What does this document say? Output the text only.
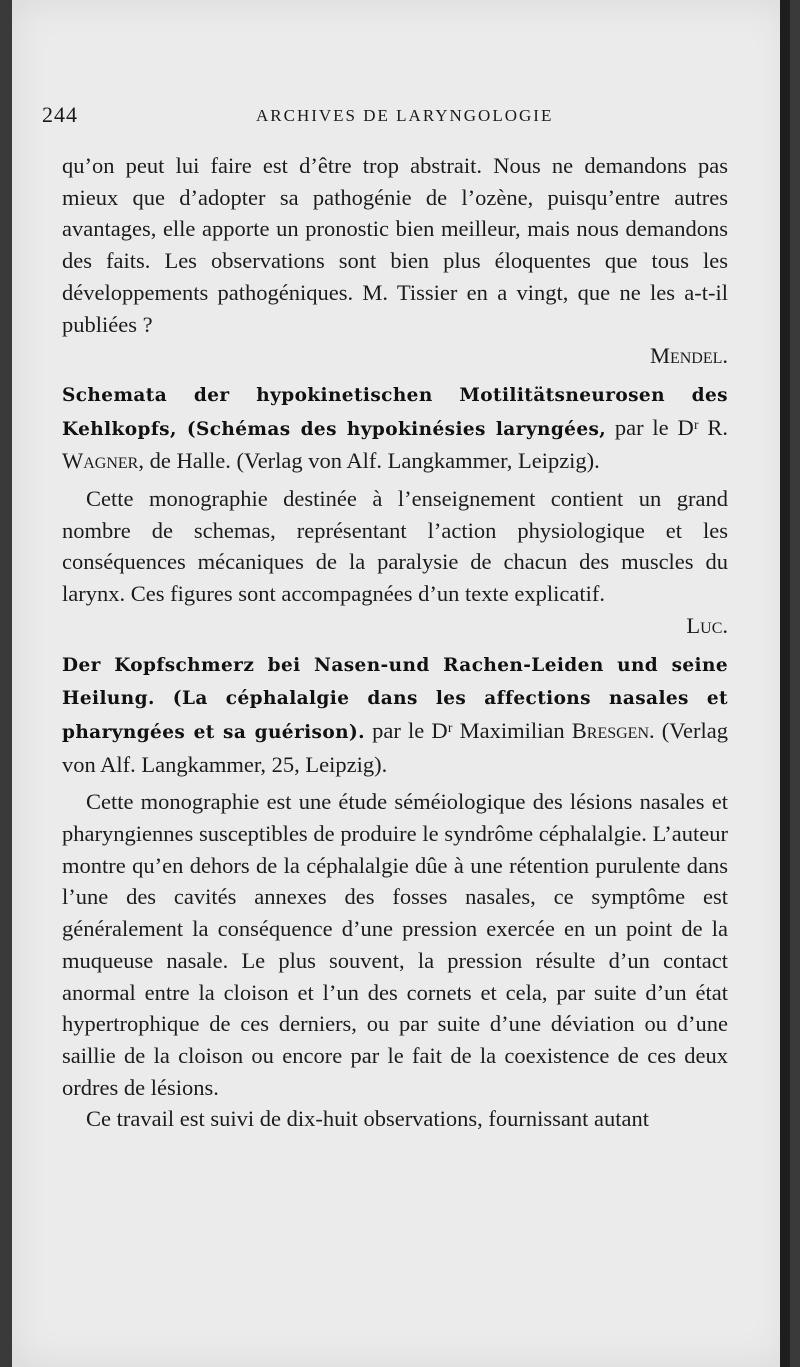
244	ARCHIVES DE LARYNGOLOGIE

qu’on peut lui faire est d’être trop abstrait. Nous ne demandons pas mieux que d’adopter sa pathogénie de l’ozène, puisqu’entre autres avantages, elle apporte un pronostic bien meilleur, mais nous demandons des faits. Les observations sont bien plus éloquentes que tous les développements pathogéniques. M. Tissier en a vingt, que ne les a-t-il publiées ?

Mendel.

Schemata der hypokinetischen Motilitätsneurosen des Kehlkopfs, (Schémas des hypokinésies laryngées, par le Dʳ R. Wagner, de Halle. (Verlag von Alf. Langkammer, Leipzig).

Cette monographie destinée à l’enseignement contient un grand nombre de schemas, représentant l’action physiologique et les conséquences mécaniques de la paralysie de chacun des muscles du larynx. Ces figures sont accompagnées d’un texte explicatif.

Luc.

Der Kopfschmerz bei Nasen-und Rachen-Leiden und seine Heilung. (La céphalalgie dans les affections nasales et pharyngées et sa guérison). par le Dʳ Maximilian Bresgen. (Verlag von Alf. Langkammer, 25, Leipzig).

Cette monographie est une étude séméiologique des lésions nasales et pharyngiennes susceptibles de produire le syndrôme céphalalgie. L’auteur montre qu’en dehors de la céphalalgie dûe à une rétention purulente dans l’une des cavités annexes des fosses nasales, ce symptôme est généralement la conséquence d’une pression exercée en un point de la muqueuse nasale. Le plus souvent, la pression résulte d’un contact anormal entre la cloison et l’un des cornets et cela, par suite d’un état hypertrophique de ces derniers, ou par suite d’une déviation ou d’une saillie de la cloison ou encore par le fait de la coexistence de ces deux ordres de lésions.

Ce travail est suivi de dix-huit observations, fournissant autant
